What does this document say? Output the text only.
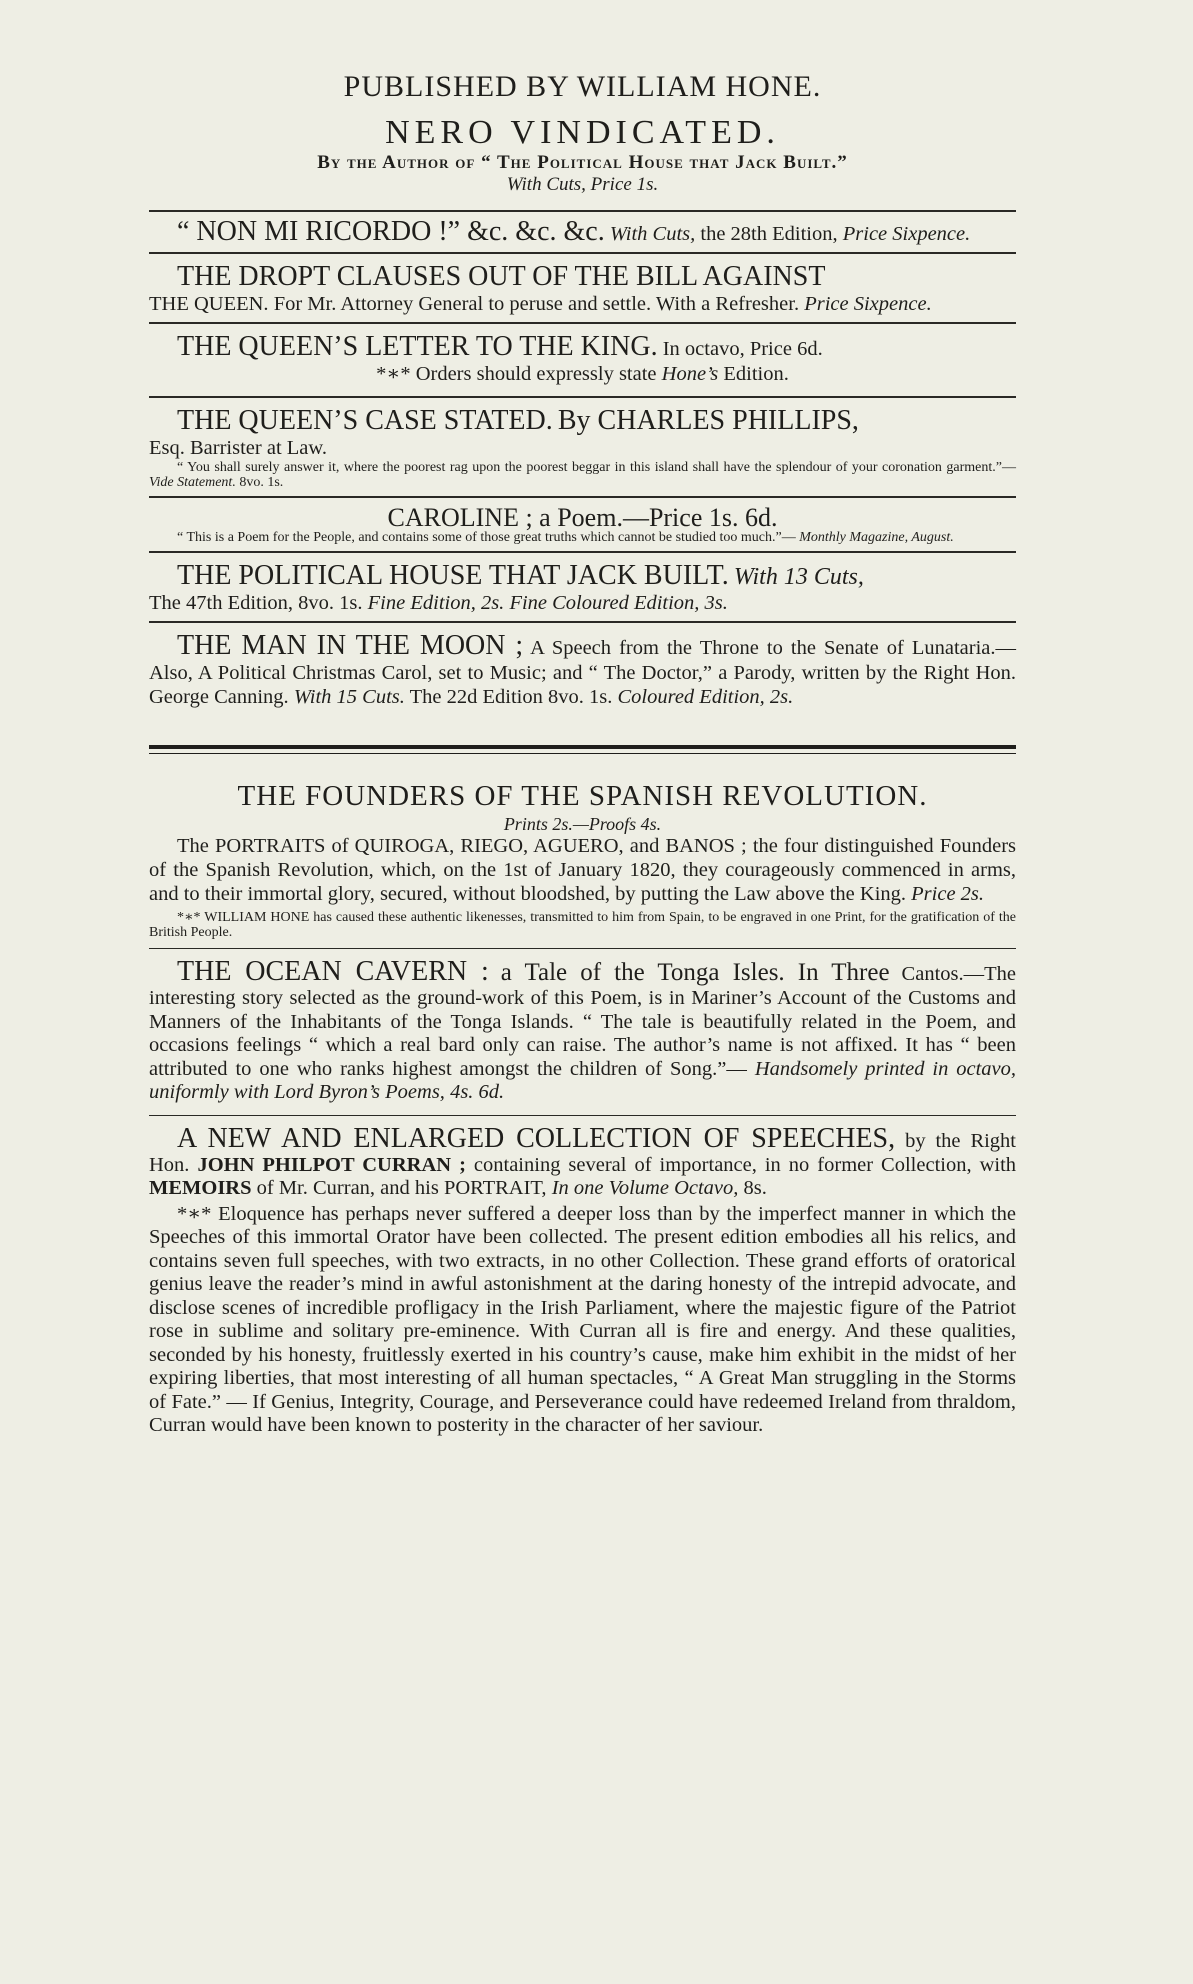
PUBLISHED BY WILLIAM HONE.
NERO VINDICATED.
By the Author of “ The Political House that Jack Built.”
With Cuts, Price 1s.
“ NON MI RICORDO !” &c. &c. &c. With Cuts, the 28th Edition, Price Sixpence.
THE DROPT CLAUSES OUT OF THE BILL AGAINST
THE QUEEN. For Mr. Attorney General to peruse and settle. With a Refresher. Price Sixpence.
THE QUEEN’S LETTER TO THE KING. In octavo, Price 6d.
*∗* Orders should expressly state Hone’s Edition.
THE QUEEN’S CASE STATED. By CHARLES PHILLIPS,
Esq. Barrister at Law.
“ You shall surely answer it, where the poorest rag upon the poorest beggar in this island shall have the splendour of your coronation garment.”— Vide Statement. 8vo. 1s.
CAROLINE ; a Poem.—Price 1s. 6d.
“ This is a Poem for the People, and contains some of those great truths which cannot be studied too much.”— Monthly Magazine, August.
THE POLITICAL HOUSE THAT JACK BUILT. With 13 Cuts,
The 47th Edition, 8vo. 1s. Fine Edition, 2s. Fine Coloured Edition, 3s.
THE MAN IN THE MOON ; A Speech from the Throne to the Senate of Lunataria.—Also, A Political Christmas Carol, set to Music; and “ The Doctor,” a Parody, written by the Right Hon. George Canning. With 15 Cuts. The 22d Edition 8vo. 1s. Coloured Edition, 2s.
THE FOUNDERS OF THE SPANISH REVOLUTION.
Prints 2s.—Proofs 4s.
The PORTRAITS of QUIROGA, RIEGO, AGUERO, and BANOS ; the four distinguished Founders of the Spanish Revolution, which, on the 1st of January 1820, they courageously commenced in arms, and to their immortal glory, secured, without bloodshed, by putting the Law above the King. Price 2s.
*∗* WILLIAM HONE has caused these authentic likenesses, transmitted to him from Spain, to be engraved in one Print, for the gratification of the British People.
THE OCEAN CAVERN : a Tale of the Tonga Isles. In Three Cantos.—The interesting story selected as the ground-work of this Poem, is in Mariner’s Account of the Customs and Manners of the Inhabitants of the Tonga Islands. “ The tale is beautifully related in the Poem, and occasions feelings “ which a real bard only can raise. The author’s name is not affixed. It has “ been attributed to one who ranks highest amongst the children of Song.”— Handsomely printed in octavo, uniformly with Lord Byron’s Poems, 4s. 6d.
A NEW AND ENLARGED COLLECTION OF SPEECHES, by the Right Hon. JOHN PHILPOT CURRAN ; containing several of importance, in no former Collection, with MEMOIRS of Mr. Curran, and his PORTRAIT, In one Volume Octavo, 8s.
*∗* Eloquence has perhaps never suffered a deeper loss than by the imperfect manner in which the Speeches of this immortal Orator have been collected. The present edition embodies all his relics, and contains seven full speeches, with two extracts, in no other Collection. These grand efforts of oratorical genius leave the reader’s mind in awful astonishment at the daring honesty of the intrepid advocate, and disclose scenes of incredible profligacy in the Irish Parliament, where the majestic figure of the Patriot rose in sublime and solitary pre-eminence. With Curran all is fire and energy. And these qualities, seconded by his honesty, fruitlessly exerted in his country’s cause, make him exhibit in the midst of her expiring liberties, that most interesting of all human spectacles, “ A Great Man struggling in the Storms of Fate.” — If Genius, Integrity, Courage, and Perseverance could have redeemed Ireland from thraldom, Curran would have been known to posterity in the character of her saviour.
